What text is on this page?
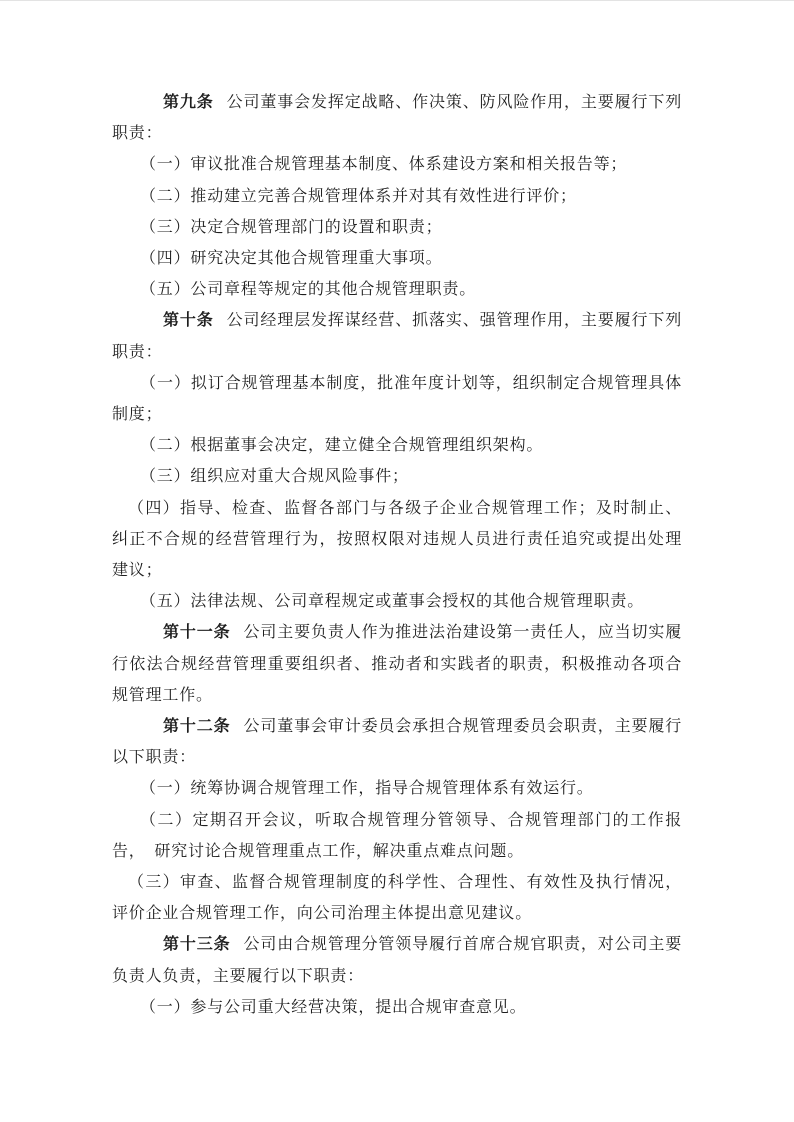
第九条 公司董事会发挥定战略、作决策、防风险作用，主要履行下列职责：

（一）审议批准合规管理基本制度、体系建设方案和相关报告等；

（二）推动建立完善合规管理体系并对其有效性进行评价；

（三）决定合规管理部门的设置和职责；

（四）研究决定其他合规管理重大事项。

（五）公司章程等规定的其他合规管理职责。

第十条 公司经理层发挥谋经营、抓落实、强管理作用，主要履行下列职责：

（一）拟订合规管理基本制度，批准年度计划等，组织制定合规管理具体制度；

（二）根据董事会决定，建立健全合规管理组织架构。

（三）组织应对重大合规风险事件；

（四）指导、检查、监督各部门与各级子企业合规管理工作；及时制止、纠正不合规的经营管理行为，按照权限对违规人员进行责任追究或提出处理建议；

（五）法律法规、公司章程规定或董事会授权的其他合规管理职责。

第十一条 公司主要负责人作为推进法治建设第一责任人，应当切实履行依法合规经营管理重要组织者、推动者和实践者的职责，积极推动各项合规管理工作。

第十二条 公司董事会审计委员会承担合规管理委员会职责，主要履行以下职责：

（一）统筹协调合规管理工作，指导合规管理体系有效运行。

（二）定期召开会议，听取合规管理分管领导、合规管理部门的工作报告，　研究讨论合规管理重点工作，解决重点难点问题。

（三）审查、监督合规管理制度的科学性、合理性、有效性及执行情况，评价企业合规管理工作，向公司治理主体提出意见建议。

第十三条 公司由合规管理分管领导履行首席合规官职责，对公司主要负责人负责，主要履行以下职责：

（一）参与公司重大经营决策，提出合规审查意见。
